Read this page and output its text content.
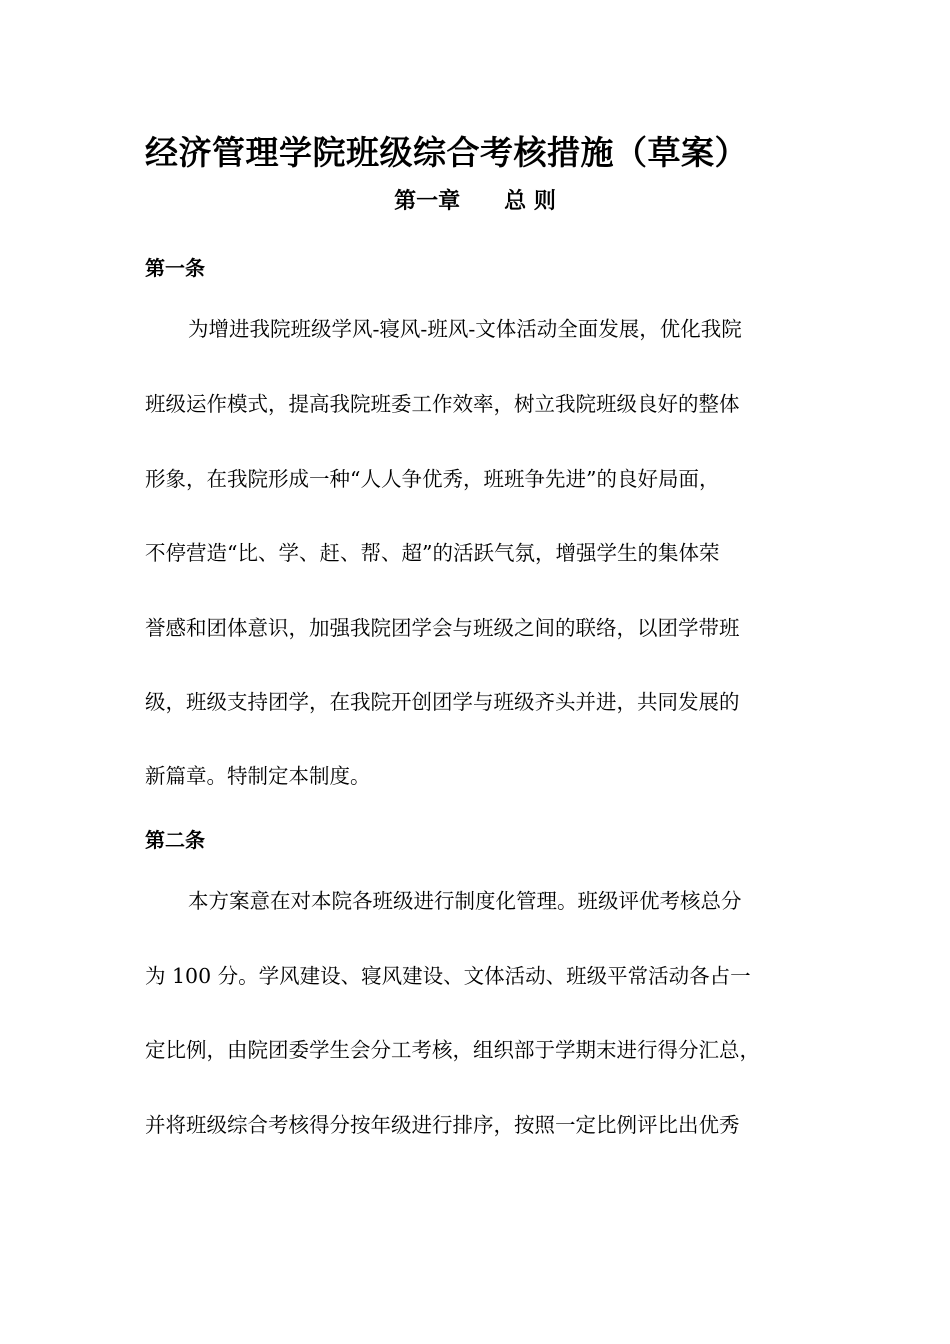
经济管理学院班级综合考核措施（草案）
第一章　　总 则
第一条

为增进我院班级学风-寝风-班风-文体活动全面发展，优化我院

班级运作模式，提高我院班委工作效率，树立我院班级良好的整体

形象，在我院形成一种“人人争优秀，班班争先进”的良好局面，

不停营造“比、学、赶、帮、超”的活跃气氛，增强学生的集体荣

誉感和团体意识，加强我院团学会与班级之间的联络，以团学带班

级，班级支持团学，在我院开创团学与班级齐头并进，共同发展的

新篇章。特制定本制度。

第二条

本方案意在对本院各班级进行制度化管理。班级评优考核总分

为 100 分。学风建设、寝风建设、文体活动、班级平常活动各占一

定比例，由院团委学生会分工考核，组织部于学期末进行得分汇总，

并将班级综合考核得分按年级进行排序，按照一定比例评比出优秀
